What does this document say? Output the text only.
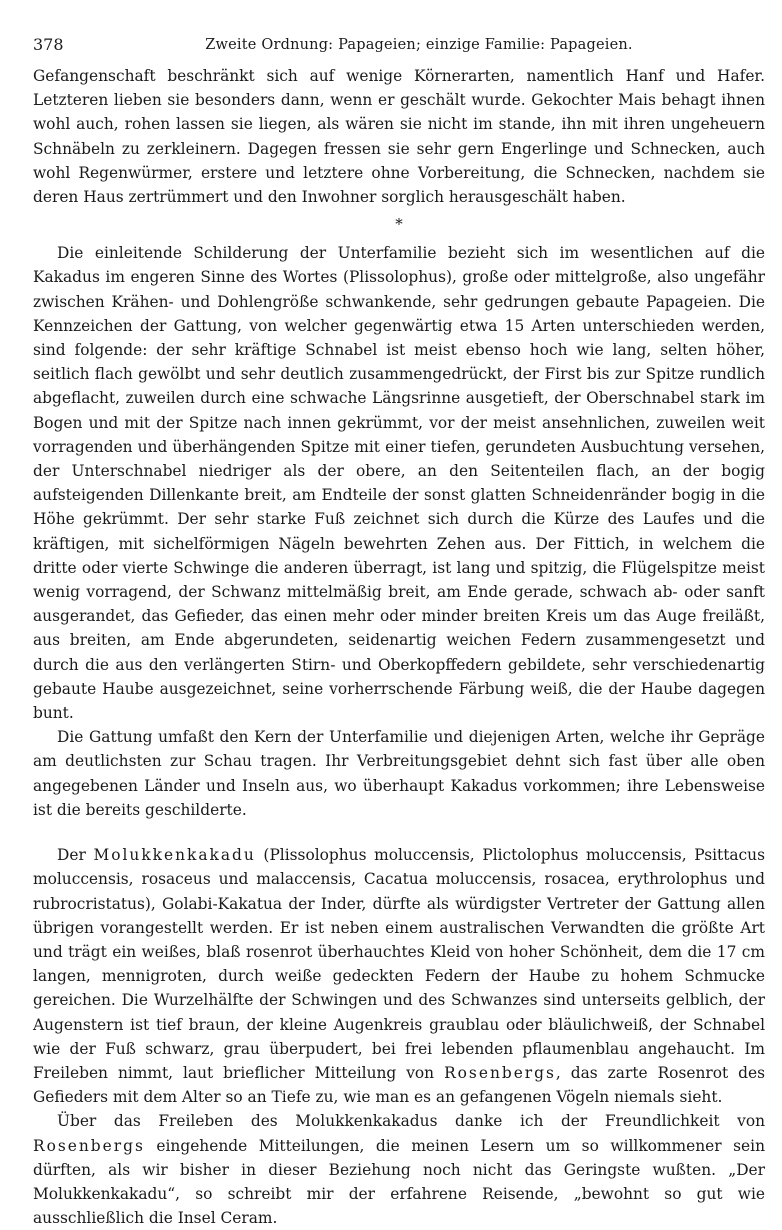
378	Zweite Ordnung: Papageien; einzige Familie: Papageien.

Gefangenschaft beschränkt sich auf wenige Körnerarten, namentlich Hanf und Hafer. Letzteren lieben sie besonders dann, wenn er geschält wurde. Gekochter Mais behagt ihnen wohl auch, rohen lassen sie liegen, als wären sie nicht im stande, ihn mit ihren ungeheuern Schnäbeln zu zerkleinern. Dagegen fressen sie sehr gern Engerlinge und Schnecken, auch wohl Regenwürmer, erstere und letztere ohne Vorbereitung, die Schnecken, nachdem sie deren Haus zertrümmert und den Inwohner sorglich herausgeschält haben.

*

Die einleitende Schilderung der Unterfamilie bezieht sich im wesentlichen auf die Kakadus im engeren Sinne des Wortes (Plissolophus), große oder mittelgroße, also ungefähr zwischen Krähen- und Dohlengröße schwankende, sehr gedrungen gebaute Papageien. Die Kennzeichen der Gattung, von welcher gegenwärtig etwa 15 Arten unterschieden werden, sind folgende: der sehr kräftige Schnabel ist meist ebenso hoch wie lang, selten höher, seitlich flach gewölbt und sehr deutlich zusammengedrückt, der First bis zur Spitze rundlich abgeflacht, zuweilen durch eine schwache Längsrinne ausgetieft, der Oberschnabel stark im Bogen und mit der Spitze nach innen gekrümmt, vor der meist ansehnlichen, zuweilen weit vorragenden und überhängenden Spitze mit einer tiefen, gerundeten Ausbuchtung versehen, der Unterschnabel niedriger als der obere, an den Seitenteilen flach, an der bogig aufsteigenden Dillenkante breit, am Endteile der sonst glatten Schneidenränder bogig in die Höhe gekrümmt. Der sehr starke Fuß zeichnet sich durch die Kürze des Laufes und die kräftigen, mit sichelförmigen Nägeln bewehrten Zehen aus. Der Fittich, in welchem die dritte oder vierte Schwinge die anderen überragt, ist lang und spitzig, die Flügelspitze meist wenig vorragend, der Schwanz mittelmäßig breit, am Ende gerade, schwach ab- oder sanft ausgerandet, das Gefieder, das einen mehr oder minder breiten Kreis um das Auge freiläßt, aus breiten, am Ende abgerundeten, seidenartig weichen Federn zusammengesetzt und durch die aus den verlängerten Stirn- und Oberkopffedern gebildete, sehr verschiedenartig gebaute Haube ausgezeichnet, seine vorherrschende Färbung weiß, die der Haube dagegen bunt.

Die Gattung umfaßt den Kern der Unterfamilie und diejenigen Arten, welche ihr Gepräge am deutlichsten zur Schau tragen. Ihr Verbreitungsgebiet dehnt sich fast über alle oben angegebenen Länder und Inseln aus, wo überhaupt Kakadus vorkommen; ihre Lebensweise ist die bereits geschilderte.

Der Molukkenkakadu (Plissolophus moluccensis, Plictolophus moluccensis, Psittacus moluccensis, rosaceus und malaccensis, Cacatua moluccensis, rosacea, erythrolophus und rubrocristatus), Golabi-Kakatua der Inder, dürfte als würdigster Vertreter der Gattung allen übrigen vorangestellt werden. Er ist neben einem australischen Verwandten die größte Art und trägt ein weißes, blaß rosenrot überhauchtes Kleid von hoher Schönheit, dem die 17 cm langen, mennigroten, durch weiße gedeckten Federn der Haube zu hohem Schmucke gereichen. Die Wurzelhälfte der Schwingen und des Schwanzes sind unterseits gelblich, der Augenstern ist tief braun, der kleine Augenkreis graublau oder bläulichweiß, der Schnabel wie der Fuß schwarz, grau überpudert, bei frei lebenden pflaumenblau angehaucht. Im Freileben nimmt, laut brieflicher Mitteilung von Rosenbergs, das zarte Rosenrot des Gefieders mit dem Alter so an Tiefe zu, wie man es an gefangenen Vögeln niemals sieht.

Über das Freileben des Molukkenkakadus danke ich der Freundlichkeit von Rosenbergs eingehende Mitteilungen, die meinen Lesern um so willkommener sein dürften, als wir bisher in dieser Beziehung noch nicht das Geringste wußten. „Der Molukkenkakadu“, so schreibt mir der erfahrene Reisende, „bewohnt so gut wie ausschließlich die Insel Ceram.
